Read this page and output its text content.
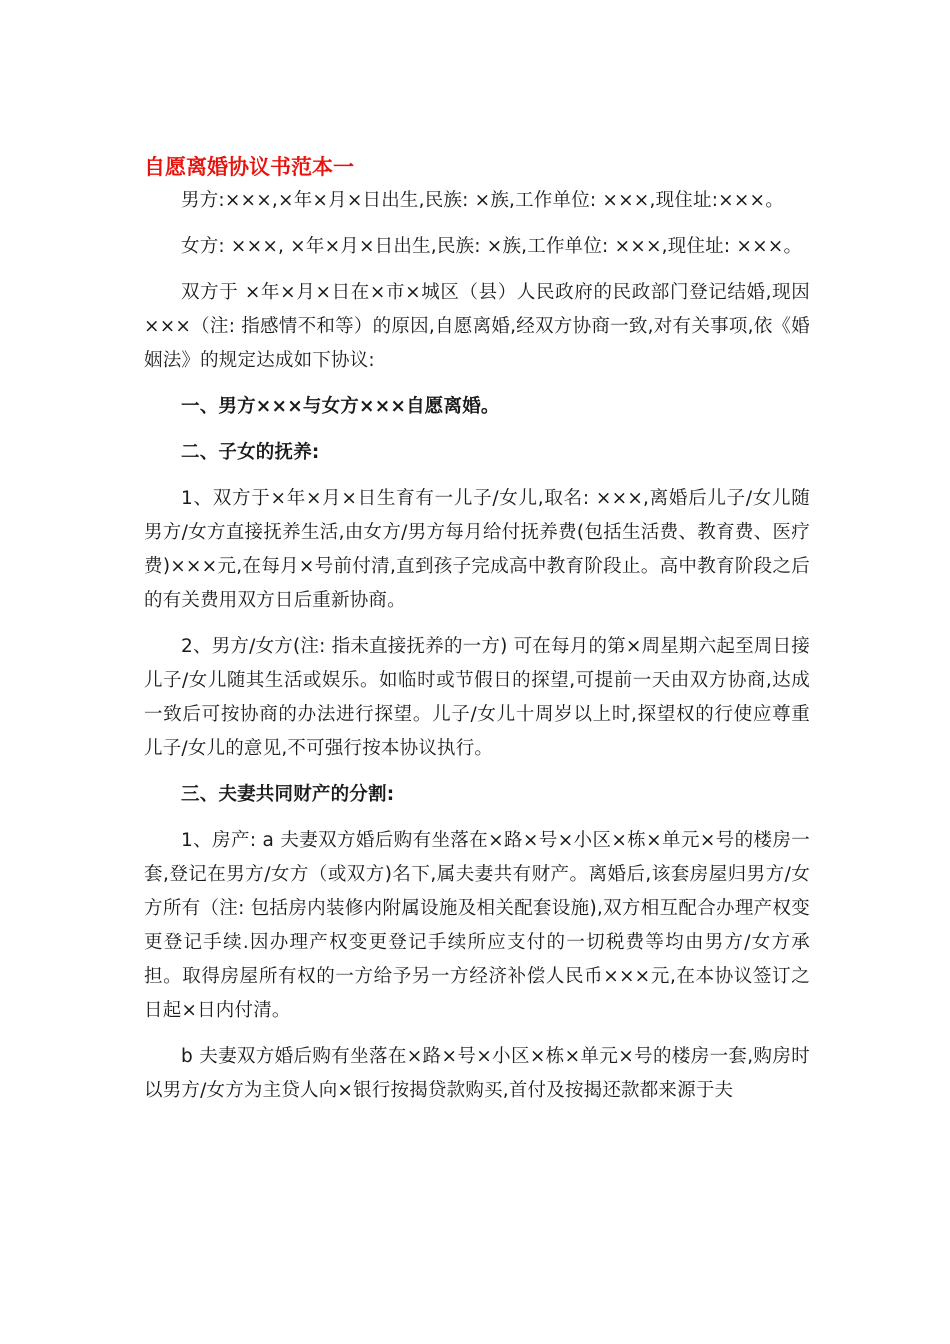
自愿离婚协议书范本一

男方:×××,×年×月×日出生,民族: ×族,工作单位: ×××,现住址:×××。

女方: ×××, ×年×月×日出生,民族: ×族,工作单位: ×××,现住址: ×××。

双方于 ×年×月×日在×市×城区（县）人民政府的民政部门登记结婚,现因×××（注: 指感情不和等）的原因,自愿离婚,经双方协商一致,对有关事项,依《婚姻法》的规定达成如下协议:

一、男方×××与女方×××自愿离婚。

二、子女的抚养:

1、双方于×年×月×日生育有一儿子/女儿,取名: ×××,离婚后儿子/女儿随男方/女方直接抚养生活,由女方/男方每月给付抚养费(包括生活费、教育费、医疗费)×××元,在每月×号前付清,直到孩子完成高中教育阶段止。高中教育阶段之后的有关费用双方日后重新协商。

2、男方/女方(注: 指未直接抚养的一方) 可在每月的第×周星期六起至周日接儿子/女儿随其生活或娱乐。如临时或节假日的探望,可提前一天由双方协商,达成一致后可按协商的办法进行探望。儿子/女儿十周岁以上时,探望权的行使应尊重儿子/女儿的意见,不可强行按本协议执行。

三、夫妻共同财产的分割:

1、房产: a 夫妻双方婚后购有坐落在×路×号×小区×栋×单元×号的楼房一套,登记在男方/女方（或双方)名下,属夫妻共有财产。离婚后,该套房屋归男方/女方所有（注: 包括房内装修内附属设施及相关配套设施),双方相互配合办理产权变更登记手续.因办理产权变更登记手续所应支付的一切税费等均由男方/女方承担。取得房屋所有权的一方给予另一方经济补偿人民币×××元,在本协议签订之日起×日内付清。

b 夫妻双方婚后购有坐落在×路×号×小区×栋×单元×号的楼房一套,购房时以男方/女方为主贷人向×银行按揭贷款购买,首付及按揭还款都来源于夫
